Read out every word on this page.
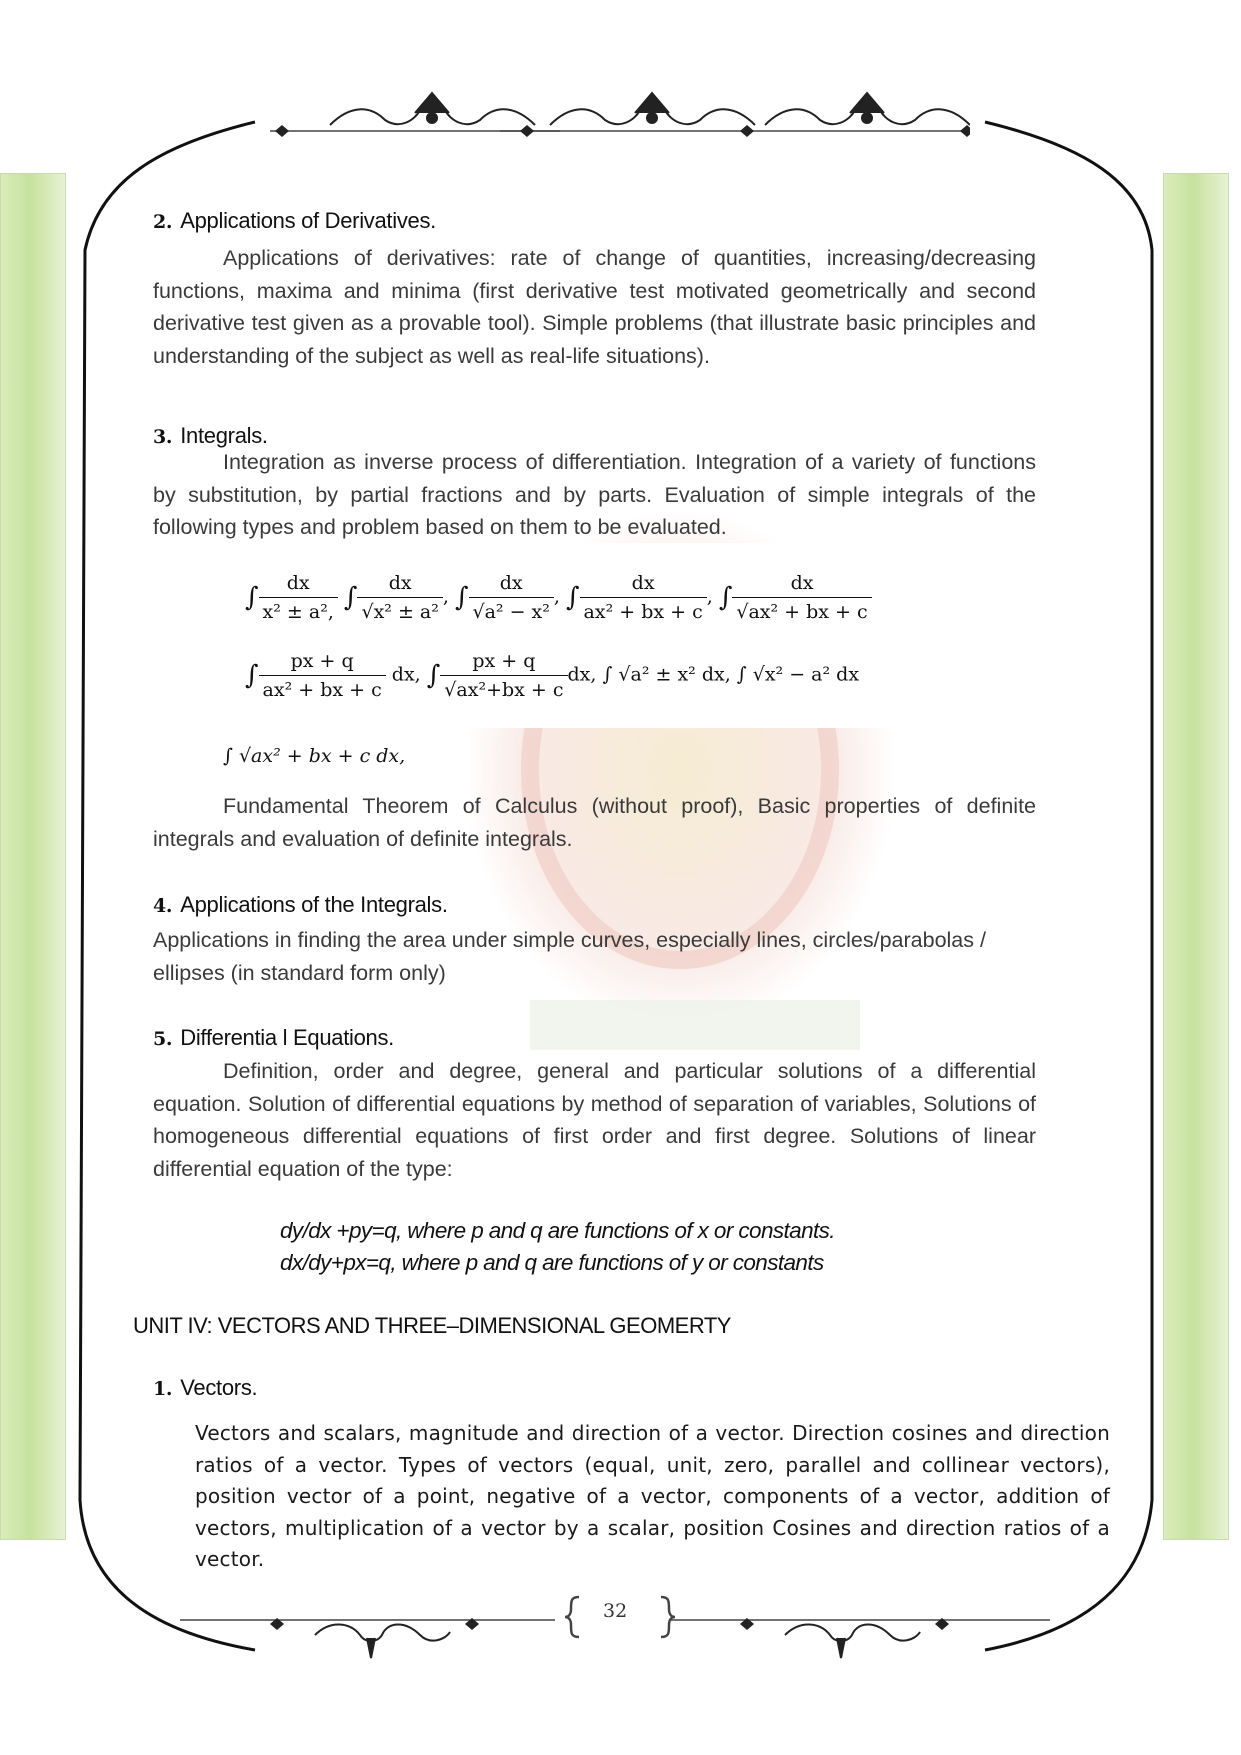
2. Applications of Derivatives.
Applications of derivatives: rate of change of quantities, increasing/decreasing functions, maxima and minima (first derivative test motivated geometrically and second derivative test given as a provable tool). Simple problems (that illustrate basic principles and understanding of the subject as well as real-life situations).
3. Integrals.
Integration as inverse process of differentiation. Integration of a variety of functions by substitution, by partial fractions and by parts. Evaluation of simple integrals of the following types and problem based on them to be evaluated.
∫ $\frac{dx}{\text{x² ± a²,}}$ ∫ $\frac{dx}{\text{√x² ± a²}}$ , ∫ $\frac{dx}{\text{√a² − x²}}$ , ∫ $\frac{dx}{\text{ax² + bx + c}}$ , ∫ $\frac{dx}{\text{√ax² + bx + c}}$
∫ $\frac{px + q}{\text{ax² + bx + c}}$ dx, ∫ $\frac{px + q}{\text{√ax²+bx + c}}$ dx, ∫ √a² ± x² dx, ∫ √x² − a² dx
∫ √ax² + bx + c dx,
Fundamental Theorem of Calculus (without proof), Basic properties of definite integrals and evaluation of definite integrals.
4. Applications of the Integrals.
Applications in finding the area under simple curves, especially lines, circles/parabolas / ellipses (in standard form only)
5. Differentia l Equations.
Definition, order and degree, general and particular solutions of a differential equation. Solution of differential equations by method of separation of variables, Solutions of homogeneous differential equations of first order and first degree. Solutions of linear differential equation of the type:
dy/dx +py=q, where p and q are functions of x or constants.
dx/dy+px=q, where p and q are functions of y or constants
UNIT IV: VECTORS AND THREE–DIMENSIONAL GEOMERTY
1. Vectors.
Vectors and scalars, magnitude and direction of a vector. Direction cosines and direction ratios of a vector. Types of vectors (equal, unit, zero, parallel and collinear vectors), position vector of a point, negative of a vector, components of a vector, addition of vectors, multiplication of a vector by a scalar, position Cosines and direction ratios of a vector.
32
